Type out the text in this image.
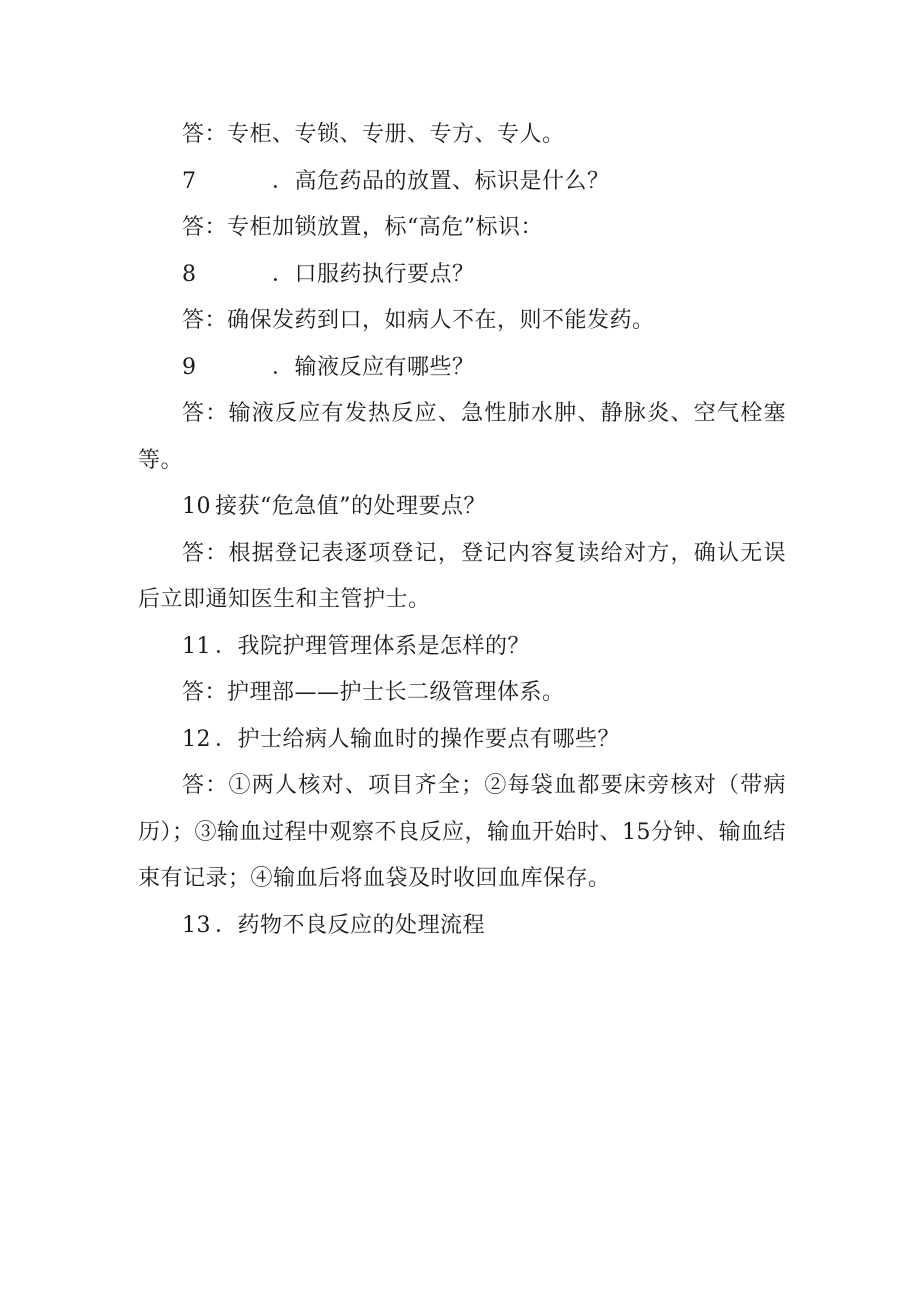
答：专柜、专锁、专册、专方、专人。

7	．高危药品的放置、标识是什么？

答：专柜加锁放置，标“高危”标识：

8	．口服药执行要点？

答：确保发药到口，如病人不在，则不能发药。

9	．输液反应有哪些？

答：输液反应有发热反应、急性肺水肿、静脉炎、空气栓塞等。

10 接获“危急值”的处理要点？

答：根据登记表逐项登记，登记内容复读给对方，确认无误后立即通知医生和主管护士。

11 ．我院护理管理体系是怎样的？

答：护理部——护士长二级管理体系。

12 ．护士给病人输血时的操作要点有哪些？

答：①两人核对、项目齐全；②每袋血都要床旁核对（带病历）；③输血过程中观察不良反应，输血开始时、15分钟、输血结束有记录；④输血后将血袋及时收回血库保存。

13 ．药物不良反应的处理流程
